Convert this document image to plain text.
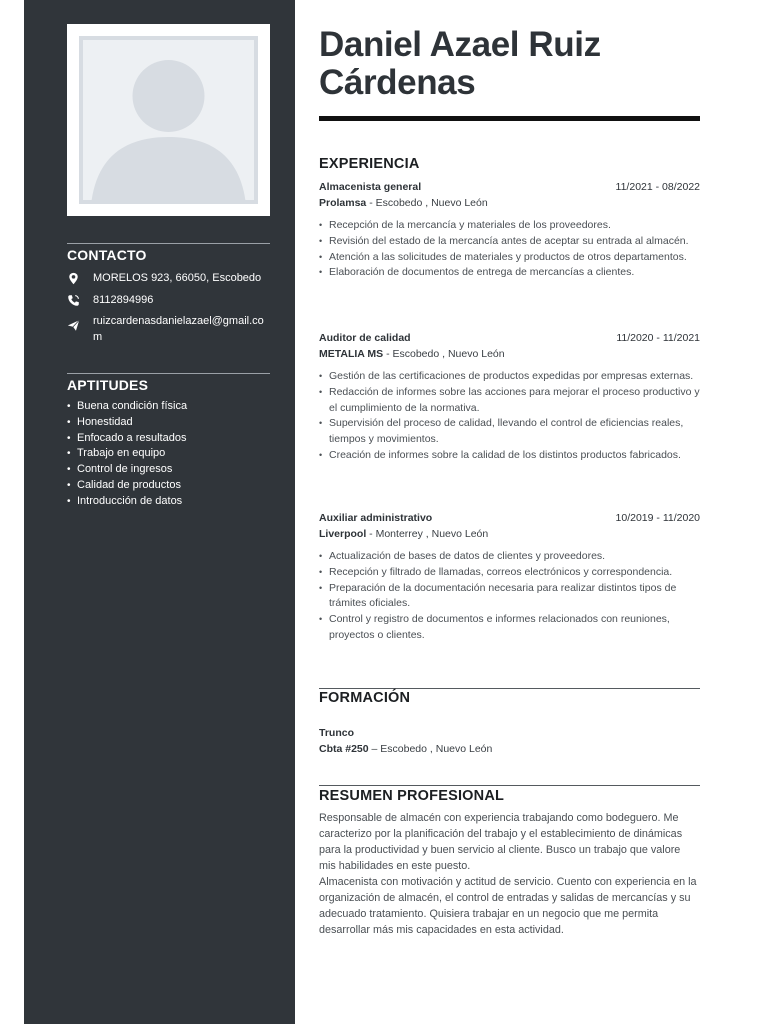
CONTACTO
MORELOS 923, 66050, Escobedo
8112894996
ruizcardenasdanielazael@gmail.com
APTITUDES
• Buena condición física
• Honestidad
• Enfocado a resultados
• Trabajo en equipo
• Control de ingresos
• Calidad de productos
• Introducción de datos
Daniel Azael Ruiz
Cárdenas
EXPERIENCIA
Almacenista general	11/2021 - 08/2022
Prolamsa - Escobedo , Nuevo León
• Recepción de la mercancía y materiales de los proveedores.
• Revisión del estado de la mercancía antes de aceptar su entrada al almacén.
• Atención a las solicitudes de materiales y productos de otros departamentos.
• Elaboración de documentos de entrega de mercancías a clientes.
Auditor de calidad	11/2020 - 11/2021
METALIA MS - Escobedo , Nuevo León
• Gestión de las certificaciones de productos expedidas por empresas externas.
• Redacción de informes sobre las acciones para mejorar el proceso productivo y el cumplimiento de la normativa.
• Supervisión del proceso de calidad, llevando el control de eficiencias reales, tiempos y movimientos.
• Creación de informes sobre la calidad de los distintos productos fabricados.
Auxiliar administrativo	10/2019 - 11/2020
Liverpool - Monterrey , Nuevo León
• Actualización de bases de datos de clientes y proveedores.
• Recepción y filtrado de llamadas, correos electrónicos y correspondencia.
• Preparación de la documentación necesaria para realizar distintos tipos de trámites oficiales.
• Control y registro de documentos e informes relacionados con reuniones, proyectos o clientes.
FORMACIÓN
Trunco
Cbta #250 – Escobedo , Nuevo León
RESUMEN PROFESIONAL

Responsable de almacén con experiencia trabajando como bodeguero. Me caracterizo por la planificación del trabajo y el establecimiento de dinámicas para la productividad y buen servicio al cliente. Busco un trabajo que valore mis habilidades en este puesto.

Almacenista con motivación y actitud de servicio. Cuento con experiencia en la organización de almacén, el control de entradas y salidas de mercancías y su adecuado tratamiento. Quisiera trabajar en un negocio que me permita desarrollar más mis capacidades en esta actividad.
